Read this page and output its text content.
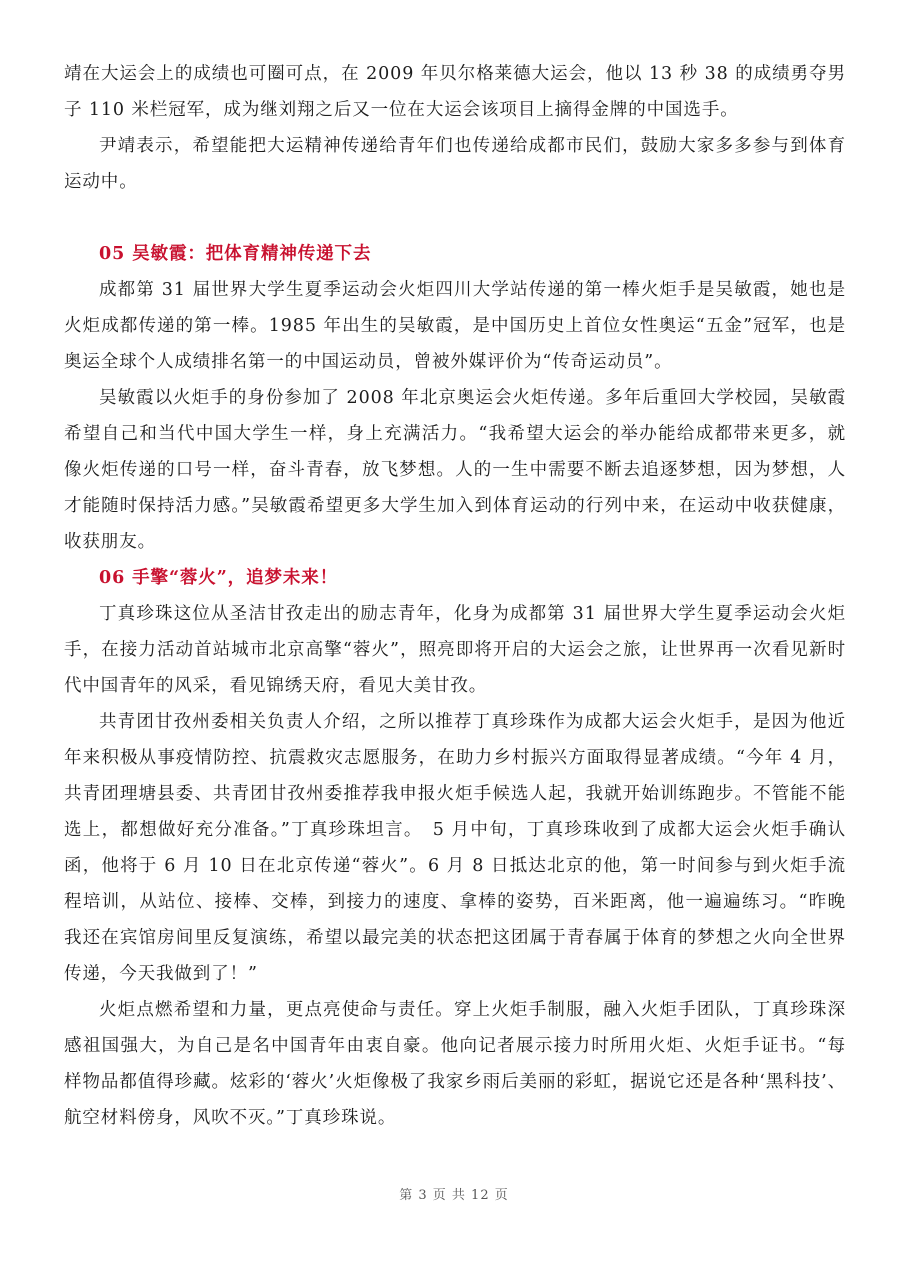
靖在大运会上的成绩也可圈可点，在 2009 年贝尔格莱德大运会，他以 13 秒 38 的成绩勇夺男子 110 米栏冠军，成为继刘翔之后又一位在大运会该项目上摘得金牌的中国选手。

尹靖表示，希望能把大运精神传递给青年们也传递给成都市民们，鼓励大家多多参与到体育运动中。

05 吴敏霞：把体育精神传递下去

成都第 31 届世界大学生夏季运动会火炬四川大学站传递的第一棒火炬手是吴敏霞，她也是火炬成都传递的第一棒。1985 年出生的吴敏霞，是中国历史上首位女性奥运“五金”冠军，也是奥运全球个人成绩排名第一的中国运动员，曾被外媒评价为“传奇运动员”。

吴敏霞以火炬手的身份参加了 2008 年北京奥运会火炬传递。多年后重回大学校园，吴敏霞希望自己和当代中国大学生一样，身上充满活力。“我希望大运会的举办能给成都带来更多，就像火炬传递的口号一样，奋斗青春，放飞梦想。人的一生中需要不断去追逐梦想，因为梦想，人才能随时保持活力感。”吴敏霞希望更多大学生加入到体育运动的行列中来，在运动中收获健康，收获朋友。

06 手擎“蓉火”，追梦未来！

丁真珍珠这位从圣洁甘孜走出的励志青年，化身为成都第 31 届世界大学生夏季运动会火炬手，在接力活动首站城市北京高擎“蓉火”，照亮即将开启的大运会之旅，让世界再一次看见新时代中国青年的风采，看见锦绣天府，看见大美甘孜。

共青团甘孜州委相关负责人介绍，之所以推荐丁真珍珠作为成都大运会火炬手，是因为他近年来积极从事疫情防控、抗震救灾志愿服务，在助力乡村振兴方面取得显著成绩。“今年 4 月，共青团理塘县委、共青团甘孜州委推荐我申报火炬手候选人起，我就开始训练跑步。不管能不能选上，都想做好充分准备。”丁真珍珠坦言。　5 月中旬，丁真珍珠收到了成都大运会火炬手确认函，他将于 6 月 10 日在北京传递“蓉火”。6 月 8 日抵达北京的他，第一时间参与到火炬手流程培训，从站位、接棒、交棒，到接力的速度、拿棒的姿势，百米距离，他一遍遍练习。“昨晚我还在宾馆房间里反复演练，希望以最完美的状态把这团属于青春属于体育的梦想之火向全世界传递，今天我做到了！”

火炬点燃希望和力量，更点亮使命与责任。穿上火炬手制服，融入火炬手团队，丁真珍珠深感祖国强大，为自己是名中国青年由衷自豪。他向记者展示接力时所用火炬、火炬手证书。“每样物品都值得珍藏。炫彩的‘蓉火’火炬像极了我家乡雨后美丽的彩虹，据说它还是各种‘黑科技’、航空材料傍身，风吹不灭。”丁真珍珠说。

第 3 页 共 12 页
